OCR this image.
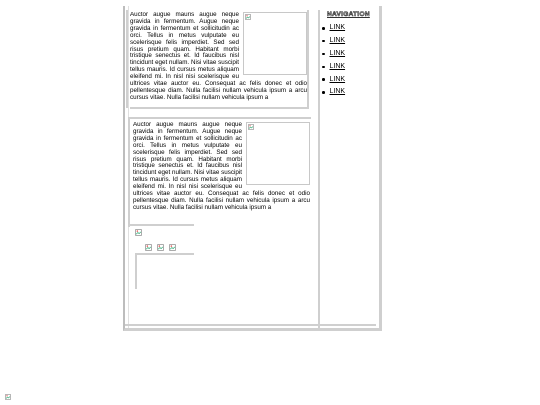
Auctor augue mauris augue neque gravida in fermentum. Augue neque gravida in fermentum et sollicitudin ac orci. Tellus in metus vulputate eu scelerisque felis imperdiet. Sed sed risus pretium quam. Habitant morbi tristique senectus et. Id faucibus nisl tincidunt eget nullam. Nisi vitae suscipit tellus mauris. Id cursus metus aliquam eleifend mi. In nisl nisi scelerisque eu ultrices vitae auctor eu. Consequat ac felis donec et odio pellentesque diam. Nulla facilisi nullam vehicula ipsum a arcu cursus vitae. Nulla facilisi nullam vehicula ipsum a
Auctor augue mauris augue neque gravida in fermentum. Augue neque gravida in fermentum et sollicitudin ac orci. Tellus in metus vulputate eu scelerisque felis imperdiet. Sed sed risus pretium quam. Habitant morbi tristique senectus et. Id faucibus nisl tincidunt eget nullam. Nisi vitae suscipit tellus mauris. Id cursus metus aliquam eleifend mi. In nisl nisi scelerisque eu ultrices vitae auctor eu. Consequat ac felis donec et odio pellentesque diam. Nulla facilisi nullam vehicula ipsum a arcu cursus vitae. Nulla facilisi nullam vehicula ipsum a
NAVIGATION
LINK
LINK
LINK
LINK
LINK
LINK
